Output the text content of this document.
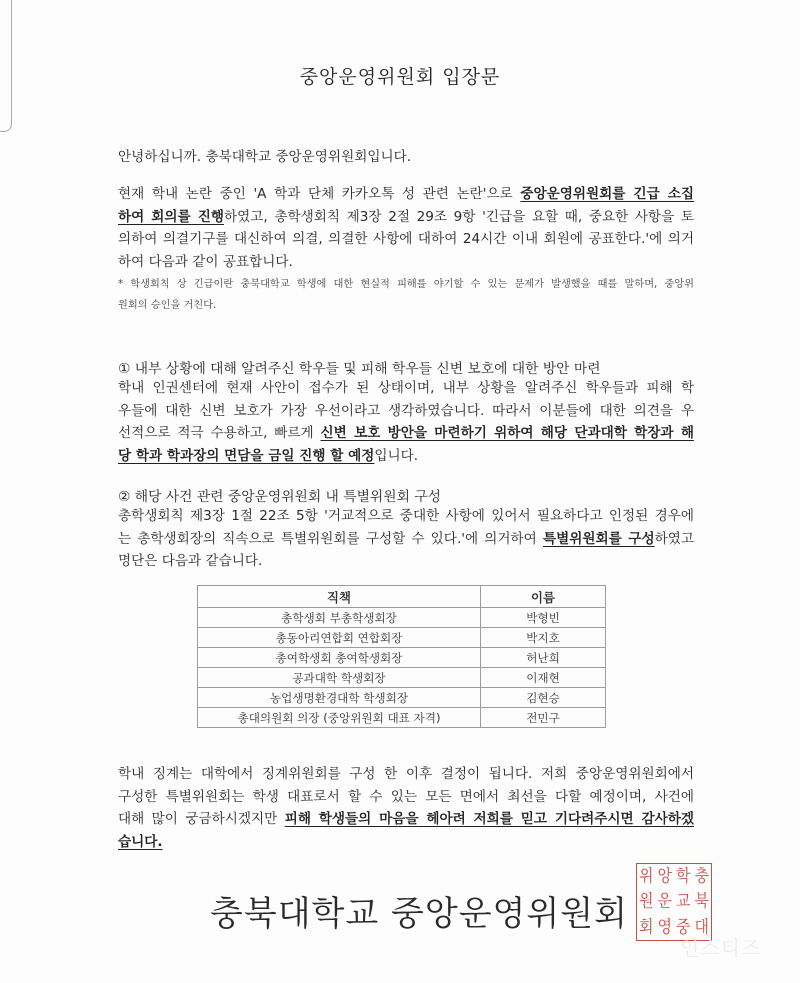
중앙운영위원회 입장문
안녕하십니까. 충북대학교 중앙운영위원회입니다.
현재 학내 논란 중인 'A 학과 단체 카카오톡 성 관련 논란'으로 중앙운영위원회를 긴급 소집
하여 회의를 진행하였고, 총학생회칙 제3장 2절 29조 9항 '긴급을 요할 때, 중요한 사항을 토
의하여 의결기구를 대신하여 의결, 의결한 사항에 대하여 24시간 이내 회원에 공표한다.'에 의거
하여 다음과 같이 공표합니다.
* 학생회칙 상 긴급이란 충북대학교 학생에 대한 현실적 피해를 야기할 수 있는 문제가 발생했을 때를 말하며, 중앙위
원회의 승인을 거친다.
① 내부 상황에 대해 알려주신 학우들 및 피해 학우들 신변 보호에 대한 방안 마련
학내 인권센터에 현재 사안이 접수가 된 상태이며, 내부 상황을 알려주신 학우들과 피해 학
우들에 대한 신변 보호가 가장 우선이라고 생각하였습니다. 따라서 이분들에 대한 의견을 우
선적으로 적극 수용하고, 빠르게 신변 보호 방안을 마련하기 위하여 해당 단과대학 학장과 해
당 학과 학과장의 면담을 금일 진행 할 예정입니다.
② 해당 사건 관련 중앙운영위원회 내 특별위원회 구성
총학생회칙 제3장 1절 22조 5항 '거교적으로 중대한 사항에 있어서 필요하다고 인정된 경우에
는 총학생회장의 직속으로 특별위원회를 구성할 수 있다.'에 의거하여 특별위원회를 구성하였고
명단은 다음과 같습니다.
직책	이름
총학생회 부총학생회장	박형빈
총동아리연합회 연합회장	박지호
총여학생회 총여학생회장	허난희
공과대학 학생회장	이재현
농업생명환경대학 학생회장	김현승
총대의원회 의장 (중앙위원회 대표 자격)	전민구
학내 징계는 대학에서 징계위원회를 구성 한 이후 결정이 됩니다. 저희 중앙운영위원회에서
구성한 특별위원회는 학생 대표로서 할 수 있는 모든 면에서 최선을 다할 예정이며, 사건에
대해 많이 궁금하시겠지만 피해 학생들의 마음을 헤아려 저희를 믿고 기다려주시면 감사하겠
습니다.
충북대학교 중앙운영위원회
위 앙 학 충
원 운 교 북
회 영 중 대
인스티즈
